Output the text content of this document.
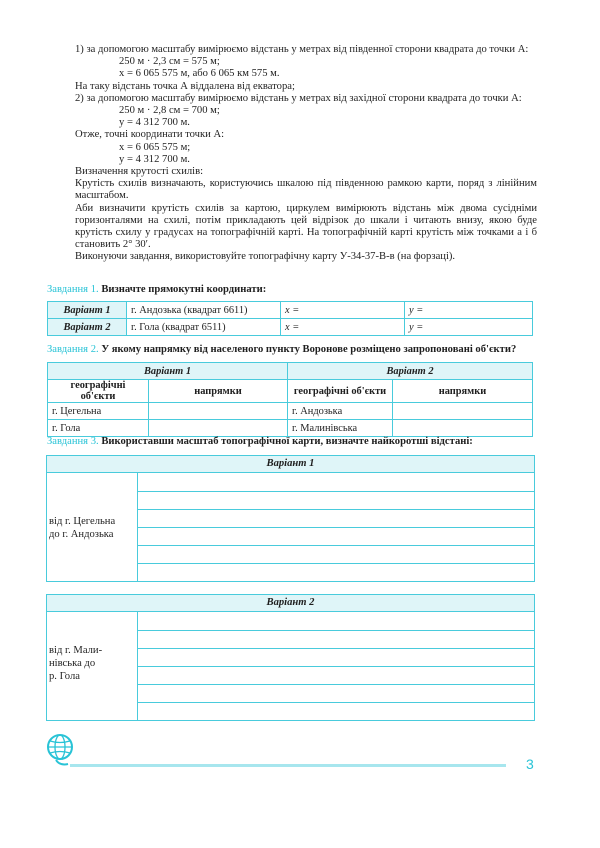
1) за допомогою масштабу вимірюємо відстань у метрах від південної сторони квадрата до точки А:

250 м · 2,3 см = 575 м;

x = 6 065 575 м, або 6 065 км 575 м.

На таку відстань точка А віддалена від екватора;

2) за допомогою масштабу вимірюємо відстань у метрах від західної сторони квадрата до точки А:

250 м · 2,8 см = 700 м;

y = 4 312 700 м.

Отже, точні координати точки А:

x = 6 065 575 м;

y = 4 312 700 м.

Визначення крутості схилів:

Крутість схилів визначають, користуючись шкалою під південною рамкою карти, поряд з лінійним масштабом.

Аби визначити крутість схилів за картою, циркулем вимірюють відстань між двома сусідніми горизонталями на схилі, потім прикладають цей відрізок до шкали і читають внизу, якою буде крутість схилу у градусах на топографічній карті. На топографічній карті крутість між точками а і б становить 2° 30′.

Виконуючи завдання, використовуйте топографічну карту У-34-37-В-в (на форзаці).

Завдання 1. Визначте прямокутні координати:
Варіант 1	г. Андозька (квадрат 6611)	x =	y =
Варіант 2	г. Гола (квадрат 6511)	x =	y =
Завдання 2. У якому напрямку від населеного пункту Воронове розміщено запропоновані об'єкти?
Варіант 1		Варіант 2	
географічні об'єкти	напрямки	географічні об'єкти	напрямки
г. Цегельна		г. Андозька	
г. Гола		г. Малинівська	
Завдання 3. Використавши масштаб топографічної карти, визначте найкоротші відстані:
Варіант 1
від г. Цегельна
до г. Андозька
Варіант 2
від г. Мали-
нівська до
р. Гола
3
